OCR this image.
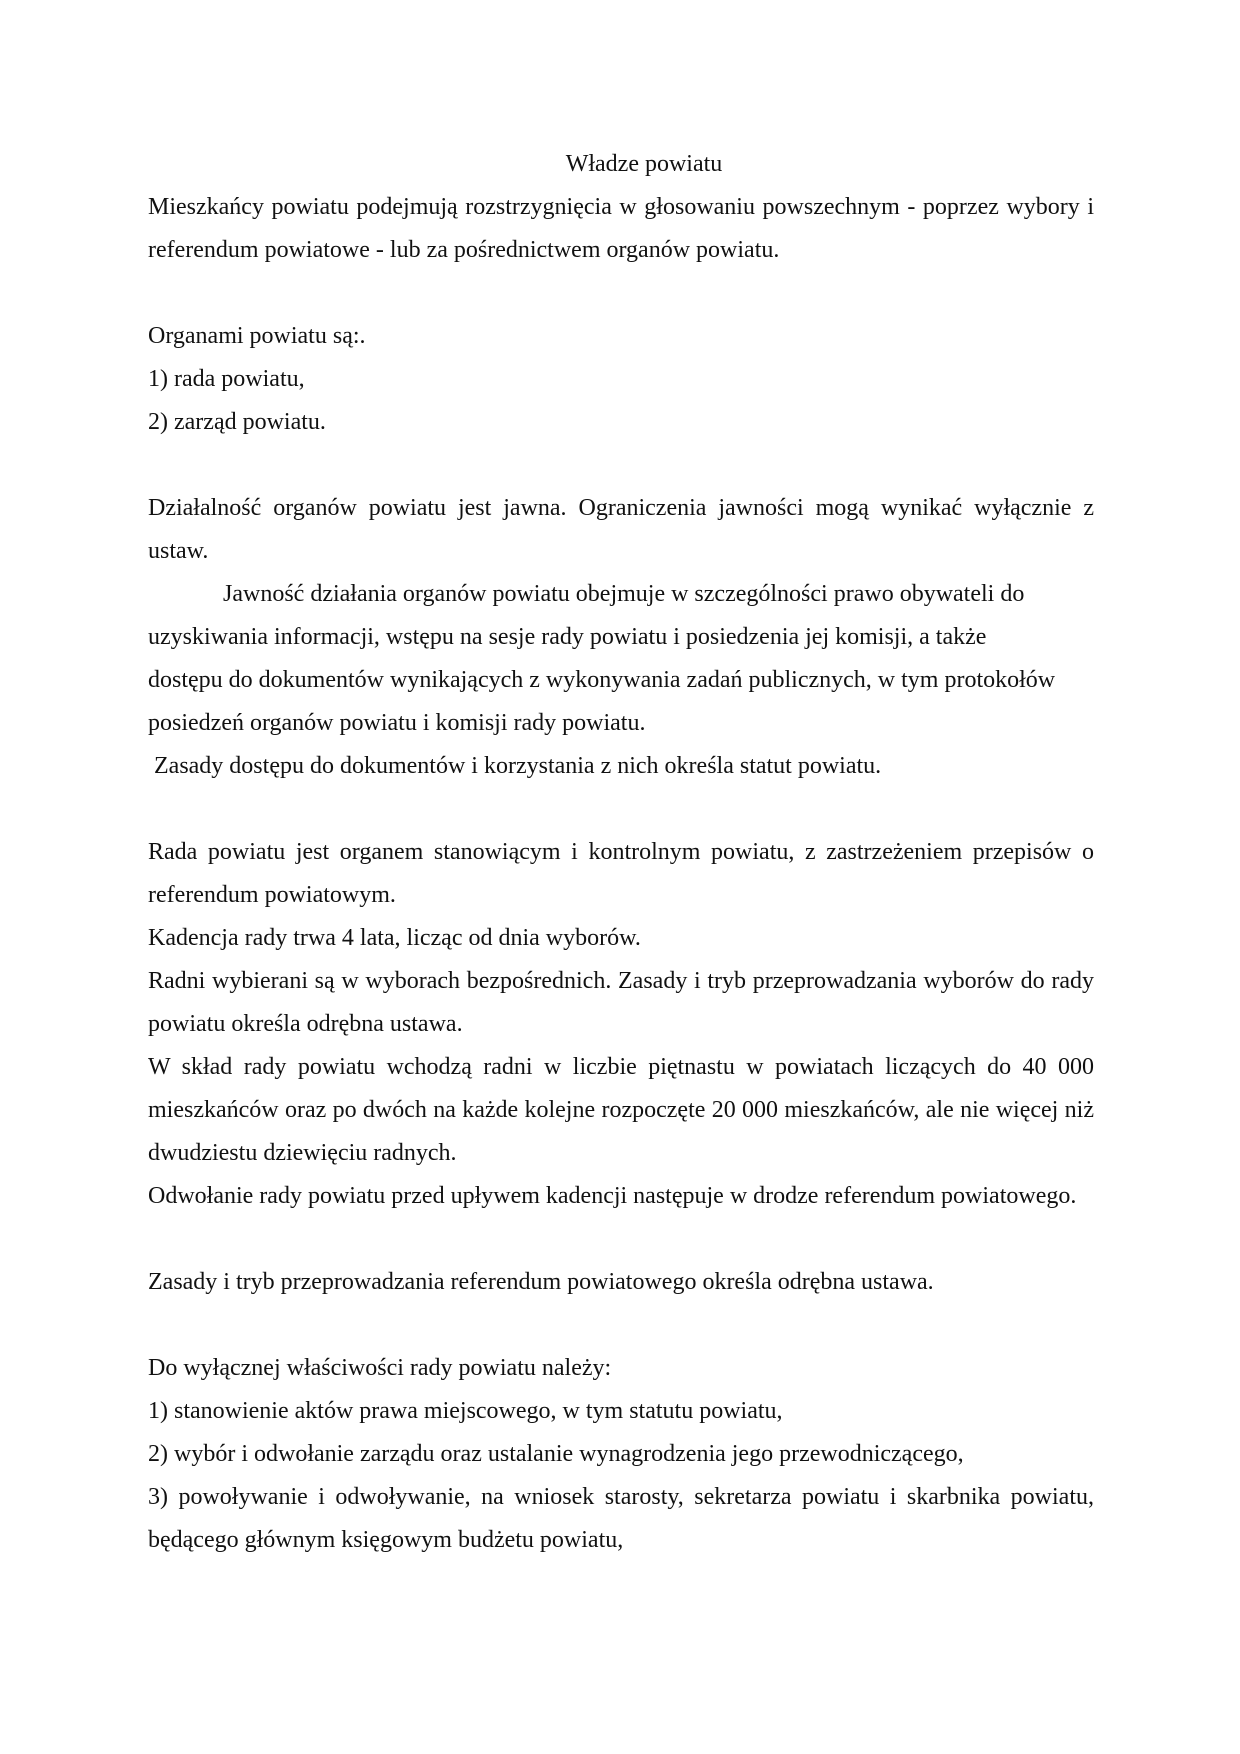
Władze powiatu

Mieszkańcy powiatu podejmują rozstrzygnięcia w głosowaniu powszechnym - poprzez wybory i referendum powiatowe - lub za pośrednictwem organów powiatu.

Organami powiatu są:.

1) rada powiatu,
2) zarząd powiatu.

Działalność organów powiatu jest jawna. Ograniczenia jawności mogą wynikać wyłącznie z ustaw.

Jawność działania organów powiatu obejmuje w szczególności prawo obywateli do

uzyskiwania informacji, wstępu na sesje rady powiatu i posiedzenia jej komisji, a także

dostępu do dokumentów wynikających z wykonywania zadań publicznych, w tym protokołów

posiedzeń organów powiatu i komisji rady powiatu.

Zasady dostępu do dokumentów i korzystania z nich określa statut powiatu.

Rada powiatu jest organem stanowiącym i kontrolnym powiatu, z zastrzeżeniem przepisów o referendum powiatowym.

Kadencja rady trwa 4 lata, licząc od dnia wyborów.

Radni wybierani są w wyborach bezpośrednich. Zasady i tryb przeprowadzania wyborów do rady powiatu określa odrębna ustawa.

W skład rady powiatu wchodzą radni w liczbie piętnastu w powiatach liczących do 40 000 mieszkańców oraz po dwóch na każde kolejne rozpoczęte 20 000 mieszkańców, ale nie więcej niż dwudziestu dziewięciu radnych.

Odwołanie rady powiatu przed upływem kadencji następuje w drodze referendum powiatowego.

Zasady i tryb przeprowadzania referendum powiatowego określa odrębna ustawa.

Do wyłącznej właściwości rady powiatu należy:

1) stanowienie aktów prawa miejscowego, w tym statutu powiatu,
2) wybór i odwołanie zarządu oraz ustalanie wynagrodzenia jego przewodniczącego,
3) powoływanie i odwoływanie, na wniosek starosty, sekretarza powiatu i skarbnika powiatu, będącego głównym księgowym budżetu powiatu,
